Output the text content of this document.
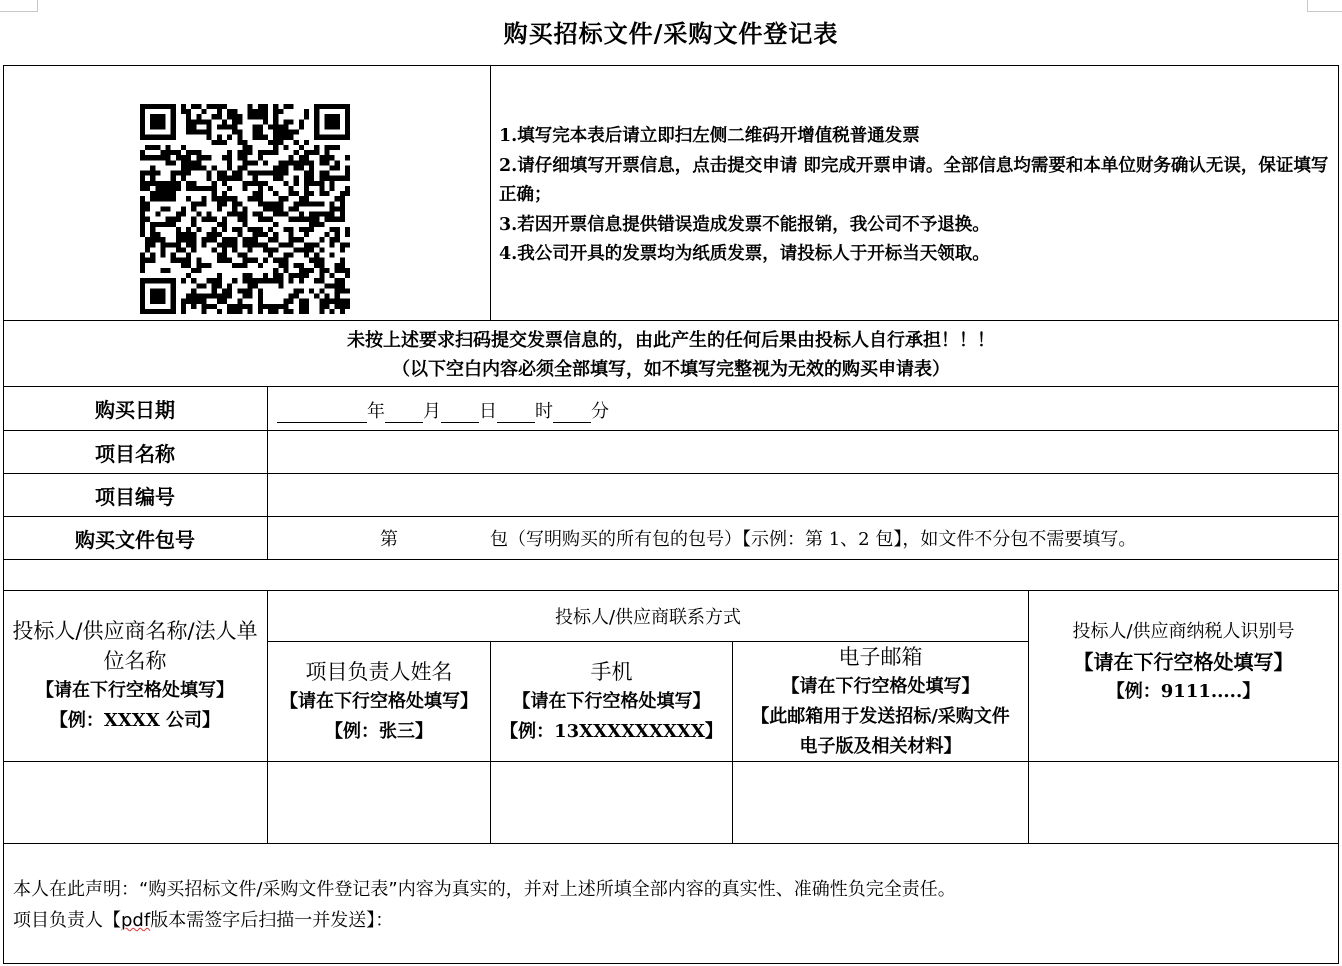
购买招标文件/采购文件登记表
1.填写完本表后请立即扫左侧二维码开增值税普通发票
2.请仔细填写开票信息，点击提交申请 即完成开票申请。全部信息均需要和本单位财务确认无误，保证填写正确；
3.若因开票信息提供错误造成发票不能报销，我公司不予退换。
4.我公司开具的发票均为纸质发票，请投标人于开标当天领取。
未按上述要求扫码提交发票信息的，由此产生的任何后果由投标人自行承担！！！
（以下空白内容必须全部填写，如不填写完整视为无效的购买申请表）
购买日期
项目名称
项目编号
购买文件包号
年 月 日 时 分
第	包（写明购买的所有包的包号）【示例：第 1、2 包】，如文件不分包不需要填写。
投标人/供应商名称/法人单位名称
【请在下行空格处填写】
【例：XXXX 公司】
投标人/供应商联系方式
项目负责人姓名
【请在下行空格处填写】
【例：张三】
手机
【请在下行空格处填写】
【例：13XXXXXXXXX】
电子邮箱
【请在下行空格处填写】
【此邮箱用于发送招标/采购文件电子版及相关材料】
投标人/供应商纳税人识别号
【请在下行空格处填写】
【例：9111.....】
本人在此声明：“购买招标文件/采购文件登记表”内容为真实的，并对上述所填全部内容的真实性、准确性负完全责任。
项目负责人【pdf版本需签字后扫描一并发送】：
